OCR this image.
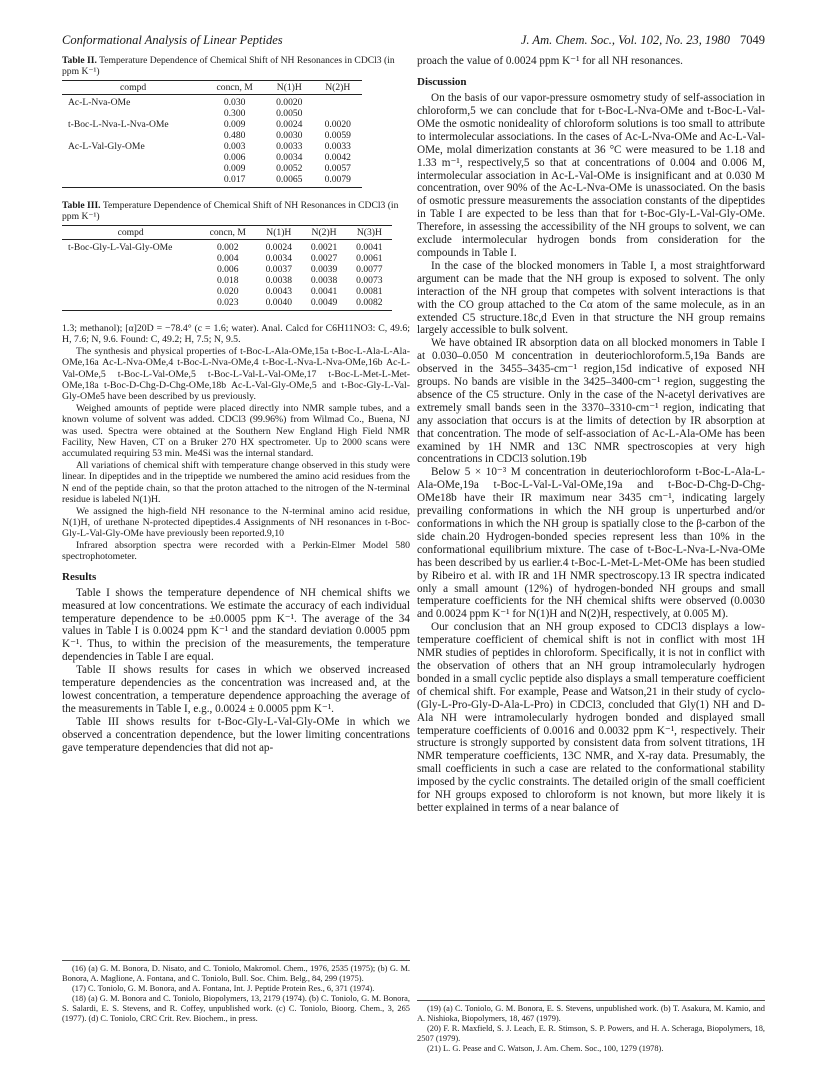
Conformational Analysis of Linear Peptides	J. Am. Chem. Soc., Vol. 102, No. 23, 1980 7049
Table II. Temperature Dependence of Chemical Shift of NH Resonances in CDCl3 (in ppm K⁻¹)
compd	concn, M	N(1)H	N(2)H
Ac-L-Nva-OMe	0.030	0.0020	
	0.300	0.0050	
t-Boc-L-Nva-L-Nva-OMe	0.009	0.0024	0.0020
	0.480	0.0030	0.0059
Ac-L-Val-Gly-OMe	0.003	0.0033	0.0033
	0.006	0.0034	0.0042
	0.009	0.0052	0.0057
	0.017	0.0065	0.0079
Table III. Temperature Dependence of Chemical Shift of NH Resonances in CDCl3 (in ppm K⁻¹)
compd	concn, M	N(1)H	N(2)H	N(3)H
t-Boc-Gly-L-Val-Gly-OMe	0.002	0.0024	0.0021	0.0041
	0.004	0.0034	0.0027	0.0061
	0.006	0.0037	0.0039	0.0077
	0.018	0.0038	0.0038	0.0073
	0.020	0.0043	0.0041	0.0081
	0.023	0.0040	0.0049	0.0082

1.3; methanol); [α]20D = −78.4° (c = 1.6; water). Anal. Calcd for C6H11NO3: C, 49.6; H, 7.6; N, 9.6. Found: C, 49.2; H, 7.5; N, 9.5.

The synthesis and physical properties of t-Boc-L-Ala-OMe,15a t-Boc-L-Ala-L-Ala-OMe,16a Ac-L-Nva-OMe,4 t-Boc-L-Nva-OMe,4 t-Boc-L-Nva-L-Nva-OMe,16b Ac-L-Val-OMe,5 t-Boc-L-Val-OMe,5 t-Boc-L-Val-L-Val-OMe,17 t-Boc-L-Met-L-Met-OMe,18a t-Boc-D-Chg-D-Chg-OMe,18b Ac-L-Val-Gly-OMe,5 and t-Boc-Gly-L-Val-Gly-OMe5 have been described by us previously.

Weighed amounts of peptide were placed directly into NMR sample tubes, and a known volume of solvent was added. CDCl3 (99.96%) from Wilmad Co., Buena, NJ was used. Spectra were obtained at the Southern New England High Field NMR Facility, New Haven, CT on a Bruker 270 HX spectrometer. Up to 2000 scans were accumulated requiring 53 min. Me4Si was the internal standard.

All variations of chemical shift with temperature change observed in this study were linear. In dipeptides and in the tripeptide we numbered the amino acid residues from the N end of the peptide chain, so that the proton attached to the nitrogen of the N-terminal residue is labeled N(1)H.

We assigned the high-field NH resonance to the N-terminal amino acid residue, N(1)H, of urethane N-protected dipeptides.4 Assignments of NH resonances in t-Boc-Gly-L-Val-Gly-OMe have previously been reported.9,10

Infrared absorption spectra were recorded with a Perkin-Elmer Model 580 spectrophotometer.

Results

Table I shows the temperature dependence of NH chemical shifts we measured at low concentrations. We estimate the accuracy of each individual temperature dependence to be ±0.0005 ppm K⁻¹. The average of the 34 values in Table I is 0.0024 ppm K⁻¹ and the standard deviation 0.0005 ppm K⁻¹. Thus, to within the precision of the measurements, the temperature dependencies in Table I are equal.

Table II shows results for cases in which we observed increased temperature dependencies as the concentration was increased and, at the lowest concentration, a temperature dependence approaching the average of the measurements in Table I, e.g., 0.0024 ± 0.0005 ppm K⁻¹.

Table III shows results for t-Boc-Gly-L-Val-Gly-OMe in which we observed a concentration dependence, but the lower limiting concentrations gave temperature dependencies that did not ap-

(16) (a) G. M. Bonora, D. Nisato, and C. Toniolo, Makromol. Chem., 1976, 2535 (1975); (b) G. M. Bonora, A. Maglione, A. Fontana, and C. Toniolo, Bull. Soc. Chim. Belg., 84, 299 (1975).

(17) C. Toniolo, G. M. Bonora, and A. Fontana, Int. J. Peptide Protein Res., 6, 371 (1974).

(18) (a) G. M. Bonora and C. Toniolo, Biopolymers, 13, 2179 (1974). (b) C. Toniolo, G. M. Bonora, S. Salardi, E. S. Stevens, and R. Coffey, unpublished work. (c) C. Toniolo, Bioorg. Chem., 3, 265 (1977). (d) C. Toniolo, CRC Crit. Rev. Biochem., in press.

proach the value of 0.0024 ppm K⁻¹ for all NH resonances.

Discussion

On the basis of our vapor-pressure osmometry study of self-association in chloroform,5 we can conclude that for t-Boc-L-Nva-OMe and t-Boc-L-Val-OMe the osmotic nonideality of chloroform solutions is too small to attribute to intermolecular associations. In the cases of Ac-L-Nva-OMe and Ac-L-Val-OMe, molal dimerization constants at 36 °C were measured to be 1.18 and 1.33 m⁻¹, respectively,5 so that at concentrations of 0.004 and 0.006 M, intermolecular association in Ac-L-Val-OMe is insignificant and at 0.030 M concentration, over 90% of the Ac-L-Nva-OMe is unassociated. On the basis of osmotic pressure measurements the association constants of the dipeptides in Table I are expected to be less than that for t-Boc-Gly-L-Val-Gly-OMe. Therefore, in assessing the accessibility of the NH groups to solvent, we can exclude intermolecular hydrogen bonds from consideration for the compounds in Table I.

In the case of the blocked monomers in Table I, a most straightforward argument can be made that the NH group is exposed to solvent. The only interaction of the NH group that competes with solvent interactions is that with the CO group attached to the Cα atom of the same molecule, as in an extended C5 structure.18c,d Even in that structure the NH group remains largely accessible to bulk solvent.

We have obtained IR absorption data on all blocked monomers in Table I at 0.030–0.050 M concentration in deuteriochloroform.5,19a Bands are observed in the 3455–3435-cm⁻¹ region,15d indicative of exposed NH groups. No bands are visible in the 3425–3400-cm⁻¹ region, suggesting the absence of the C5 structure. Only in the case of the N-acetyl derivatives are extremely small bands seen in the 3370–3310-cm⁻¹ region, indicating that any association that occurs is at the limits of detection by IR absorption at that concentration. The mode of self-association of Ac-L-Ala-OMe has been examined by 1H NMR and 13C NMR spectroscopies at very high concentrations in CDCl3 solution.19b

Below 5 × 10⁻³ M concentration in deuteriochloroform t-Boc-L-Ala-L-Ala-OMe,19a t-Boc-L-Val-L-Val-OMe,19a and t-Boc-D-Chg-D-Chg-OMe18b have their IR maximum near 3435 cm⁻¹, indicating largely prevailing conformations in which the NH group is unperturbed and/or conformations in which the NH group is spatially close to the β-carbon of the side chain.20 Hydrogen-bonded species represent less than 10% in the conformational equilibrium mixture. The case of t-Boc-L-Nva-L-Nva-OMe has been described by us earlier.4 t-Boc-L-Met-L-Met-OMe has been studied by Ribeiro et al. with IR and 1H NMR spectroscopy.13 IR spectra indicated only a small amount (12%) of hydrogen-bonded NH groups and small temperature coefficients for the NH chemical shifts were observed (0.0030 and 0.0024 ppm K⁻¹ for N(1)H and N(2)H, respectively, at 0.005 M).

Our conclusion that an NH group exposed to CDCl3 displays a low-temperature coefficient of chemical shift is not in conflict with most 1H NMR studies of peptides in chloroform. Specifically, it is not in conflict with the observation of others that an NH group intramolecularly hydrogen bonded in a small cyclic peptide also displays a small temperature coefficient of chemical shift. For example, Pease and Watson,21 in their study of cyclo-(Gly-L-Pro-Gly-D-Ala-L-Pro) in CDCl3, concluded that Gly(1) NH and D-Ala NH were intramolecularly hydrogen bonded and displayed small temperature coefficients of 0.0016 and 0.0032 ppm K⁻¹, respectively. Their structure is strongly supported by consistent data from solvent titrations, 1H NMR temperature coefficients, 13C NMR, and X-ray data. Presumably, the small coefficients in such a case are related to the conformational stability imposed by the cyclic constraints. The detailed origin of the small coefficient for NH groups exposed to chloroform is not known, but more likely it is better explained in terms of a near balance of

(19) (a) C. Toniolo, G. M. Bonora, E. S. Stevens, unpublished work. (b) T. Asakura, M. Kamio, and A. Nishioka, Biopolymers, 18, 467 (1979).

(20) F. R. Maxfield, S. J. Leach, E. R. Stimson, S. P. Powers, and H. A. Scheraga, Biopolymers, 18, 2507 (1979).

(21) L. G. Pease and C. Watson, J. Am. Chem. Soc., 100, 1279 (1978).
